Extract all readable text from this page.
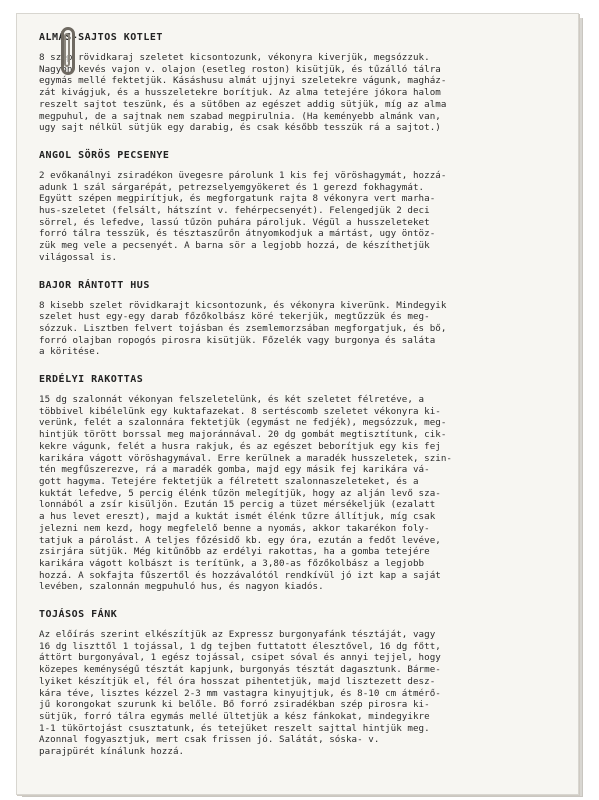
ALMÁS-SAJTOS KOTLET
8 szép rövidkaraj szeletet kicsontozunk, vékonyra kiverjük, megsózzuk.
Nagyon kevés vajon v. olajon (esetleg roston) kisütjük, és tűzálló tálra
egymás mellé fektetjük. Kásáshusu almát ujjnyi szeletekre vágunk, magház-
zát kivágjuk, és a husszeletekre borítjuk. Az alma tetejére jókora halom
reszelt sajtot teszünk, és a sütőben az egészet addig sütjük, míg az alma
megpuhul, de a sajtnak nem szabad megpirulnia. (Ha keményebb almánk van,
ugy sajt nélkül sütjük egy darabig, és csak később tesszük rá a sajtot.)
ANGOL SÖRÖS PECSENYE
2 evőkanálnyi zsiradékon üvegesre párolunk 1 kis fej vöröshagymát, hozzá-
adunk 1 szál sárgarépát, petrezselyemgyökeret és 1 gerezd fokhagymát.
Együtt szépen megpirítjuk, és megforgatunk rajta 8 vékonyra vert marha-
hus-szeletet (felsált, hátszínt v. fehérpecsenyét). Felengedjük 2 deci
sörrel, és lefedve, lassú tűzön puhára pároljuk. Végül a husszeleteket
forró tálra tesszük, és tésztaszűrőn átnyomkodjuk a mártást, ugy öntöz-
zük meg vele a pecsenyét. A barna sör a legjobb hozzá, de készíthetjük
világossal is.
BAJOR RÁNTOTT HUS
8 kisebb szelet rövidkarajt kicsontozunk, és vékonyra kiverünk. Mindegyik
szelet hust egy-egy darab főzőkolbász köré tekerjük, megtűzzük és meg-
sózzuk. Lisztben felvert tojásban és zsemlemorzsában megforgatjuk, és bő,
forró olajban ropogós pirosra kisütjük. Főzelék vagy burgonya és saláta
a köritése.
ERDÉLYI RAKOTTAS
15 dg szalonnát vékonyan felszeletelünk, és két szeletet félretéve, a
többivel kibélelünk egy kuktafazekat. 8 sertéscomb szeletet vékonyra ki-
verünk, felét a szalonnára fektetjük (egymást ne fedjék), megsózzuk, meg-
hintjük törött borssal meg majoránnával. 20 dg gombát megtisztítunk, cik-
kekre vágunk, felét a husra rakjuk, és az egészet beborítjuk egy kis fej
karikára vágott vöröshagymával. Erre kerülnek a maradék husszeletek, szin-
tén megfűszerezve, rá a maradék gomba, majd egy másik fej karikára vá-
gott hagyma. Tetejére fektetjük a félretett szalonnaszeleteket, és a
kuktát lefedve, 5 percig élénk tűzön melegítjük, hogy az alján levő sza-
lonnából a zsír kisüljön. Ezután 15 percig a tüzet mérsékeljük (ezalatt
a hus levet ereszt), majd a kuktát ismét élénk tűzre állítjuk, míg csak
jelezni nem kezd, hogy megfelelő benne a nyomás, akkor takarékon foly-
tatjuk a párolást. A teljes főzésidő kb. egy óra, ezután a fedőt levéve,
zsirjára sütjük. Még kitűnőbb az erdélyi rakottas, ha a gomba tetejére
karikára vágott kolbászt is terítünk, a 3,80-as főzőkolbász a legjobb
hozzá. A sokfajta fűszertől és hozzávalótól rendkívül jó izt kap a saját
levében, szalonnán megpuhuló hus, és nagyon kiadós.
TOJÁSOS FÁNK
Az előírás szerint elkészítjük az Expressz burgonyafánk tésztáját, vagy
16 dg liszttől 1 tojással, 1 dg tejben futtatott élesztővel, 16 dg főtt,
áttört burgonyával, 1 egész tojással, csipet sóval és annyi tejjel, hogy
közepes keménységű tésztát kapjunk, burgonyás tésztát dagasztunk. Bárme-
lyiket készítjük el, fél óra hosszat pihentetjük, majd lisztezett desz-
kára téve, lisztes kézzel 2-3 mm vastagra kinyujtjuk, és 8-10 cm átmérő-
jű korongokat szurunk ki belőle. Bő forró zsiradékban szép pirosra ki-
sütjük, forró tálra egymás mellé ültetjük a kész fánkokat, mindegyikre
1-1 tükörtojást csusztatunk, és tetejüket reszelt sajttal hintjük meg.
Azonnal fogyasztjuk, mert csak frissen jó. Salátát, sóska- v.
parajpürét kínálunk hozzá.
